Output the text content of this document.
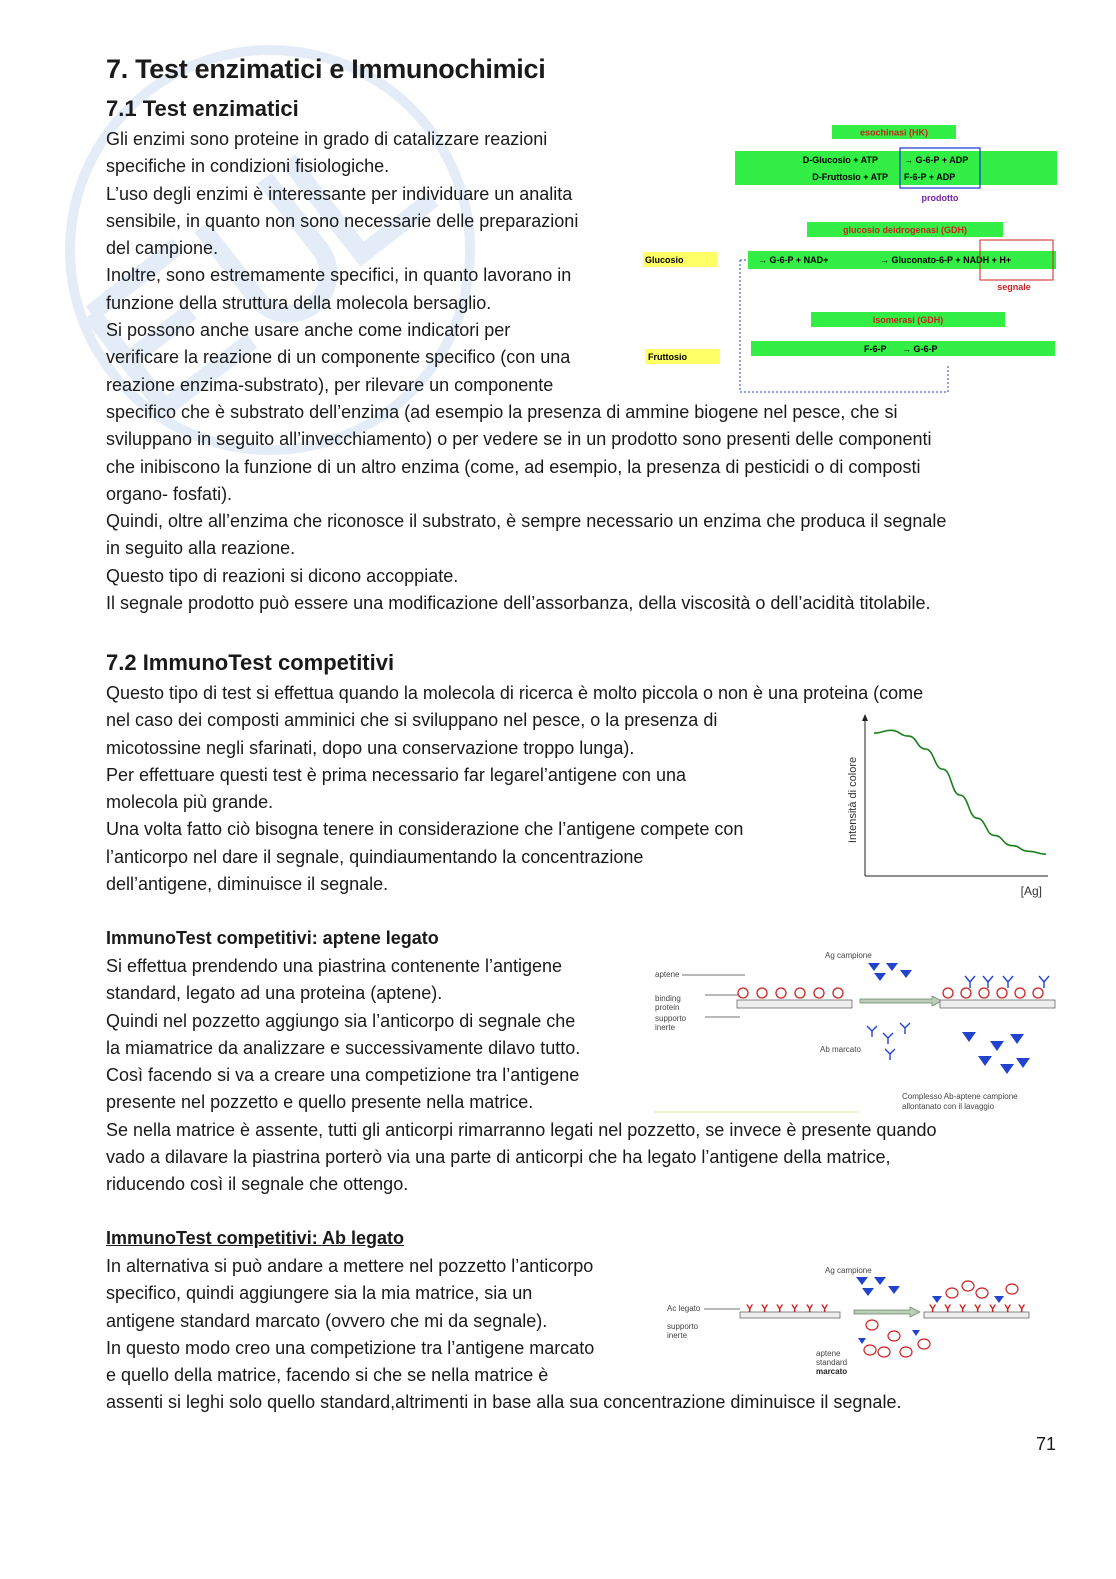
7. Test enzimatici e Immunochimici
7.1 Test enzimatici

Gli enzimi sono proteine in grado di catalizzare reazioni

specifiche in condizioni fisiologiche.

L’uso degli enzimi è interessante per individuare un analita

sensibile, in quanto non sono necessarie delle preparazioni

del campione.

Inoltre, sono estremamente specifici, in quanto lavorano in

funzione della struttura della molecola bersaglio.

Si possono anche usare anche come indicatori per

verificare la reazione di un componente specifico (con una

reazione enzima-substrato), per rilevare un componente

specifico che è substrato dell’enzima (ad esempio la presenza di ammine biogene nel pesce, che si

sviluppano in seguito all’invecchiamento) o per vedere se in un prodotto sono presenti delle componenti

che inibiscono la funzione di un altro enzima (come, ad esempio, la presenza di pesticidi o di composti

organo- fosfati).

Quindi, oltre all’enzima che riconosce il substrato, è sempre necessario un enzima che produca il segnale

in seguito alla reazione.

Questo tipo di reazioni si dicono accoppiate.

Il segnale prodotto può essere una modificazione dell’assorbanza, della viscosità o dell’acidità titolabile.

esochinasi (HK)
D-Glucosio + ATP
D-Fruttosio + ATP
→ G-6-P + ADP
F-6-P + ADP
prodotto
glucosio deidrogenasi (GDH)
Glucosio	→ G-6-P + NAD+	→ Gluconato-6-P + NADH + H+
segnale
isomerasi (GDH)
Fruttosio
F-6-P → G-6-P
7.2 ImmunoTest competitivi

Questo tipo di test si effettua quando la molecola di ricerca è molto piccola o non è una proteina (come

nel caso dei composti amminici che si sviluppano nel pesce, o la presenza di

micotossine negli sfarinati, dopo una conservazione troppo lunga).

Per effettuare questi test è prima necessario far legarel’antigene con una

molecola più grande.

Una volta fatto ciò bisogna tenere in considerazione che l’antigene compete con

l’anticorpo nel dare il segnale, quindiaumentando la concentrazione

dell’antigene, diminuisce il segnale.

Intensità di colore
[Ag]
ImmunoTest competitivi: aptene legato

Si effettua prendendo una piastrina contenente l’antigene

standard, legato ad una proteina (aptene).

Quindi nel pozzetto aggiungo sia l’anticorpo di segnale che

la miamatrice da analizzare e successivamente dilavo tutto.

Così facendo si va a creare una competizione tra l’antigene

presente nel pozzetto e quello presente nella matrice.

Se nella matrice è assente, tutti gli anticorpi rimarranno legati nel pozzetto, se invece è presente quando

vado a dilavare la piastrina porterò via una parte di anticorpi che ha legato l’antigene della matrice,

riducendo così il segnale che ottengo.

aptene
binding
protein
supporto
inerte
Ag campione
Ab marcato
Complesso Ab-aptene campione
allontanato con il lavaggio
ImmunoTest competitivi: Ab legato

In alternativa si può andare a mettere nel pozzetto l’anticorpo

specifico, quindi aggiungere sia la mia matrice, sia un

antigene standard marcato (ovvero che mi da segnale).

In questo modo creo una competizione tra l’antigene marcato

e quello della matrice, facendo si che se nella matrice è

assenti si leghi solo quello standard,altrimenti in base alla sua concentrazione diminuisce il segnale.

Ag campione
Ac legato
supporto
inerte
Y Y Y Y Y Y	Y Y Y Y Y Y Y
aptene
standard
marcato
71
